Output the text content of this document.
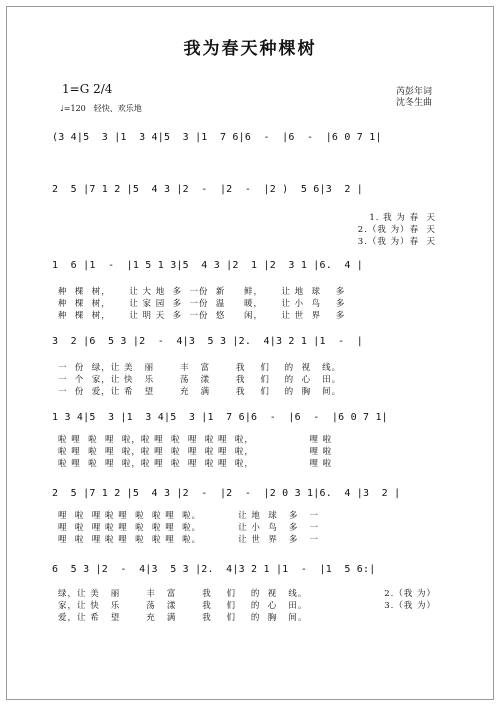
我为春天种棵树
1=G 2/4
♩=120　轻快、欢乐地
芮彭年词
沈冬生曲
(3 4|5  3 |1  3 4|5  3 |1  7 6|6  -  |6  -  |6 0 7 1|
2  5 |7 1 2 |5  4 3 |2  -  |2  -  |2 )  5 6|3  2 |
1. 我 为 春  天
2.（我 为）春  天
3.（我 为）春  天
1  6 |1  -  |1 5 1 3|5  4 3 |2  1 |2  3 1 |6.  4 |
种  棵  树，     让 大 地  多  一份  新     鲜，     让 地  球    多
种  棵  树，     让 家 园  多  一份  温     暖，     让 小  鸟    多
种  棵  树，     让 明 天  多  一份  悠     闲，     让 世  界    多
3  2 |6  5 3 |2  -  4|3  5 3 |2.  4|3 2 1 |1  -  |
一  份  绿，让 美   丽       丰   富       我    们    的  视   线。
一  个  家，让 快   乐       荡   漾       我    们    的  心   田。
一  份  爱，让 希   望       充   满       我    们    的  胸   间。
1 3 4|5  3 |1  3 4|5  3 |1  7 6|6  -  |6  -  |6 0 7 1|
啦 哩  啦  哩  啦，啦 哩  啦  哩  啦 哩  啦，               哩 啦
啦 哩  啦  哩  啦，啦 哩  啦  哩  啦 哩  啦，               哩 啦
啦 哩  啦  哩  啦，啦 哩  啦  哩  啦 哩  啦，               哩 啦
2  5 |7 1 2 |5  4 3 |2  -  |2  -  |2 0 3 1|6.  4 |3  2 |
哩  啦  哩 啦 哩  啦  啦 哩  啦。          让 地  球   多   一
哩  啦  哩 啦 哩  啦  啦 哩  啦。          让 小  鸟   多   一
哩  啦  哩 啦 哩  啦  啦 哩  啦。          让 世  界   多   一
6  5 3 |2  -  4|3  5 3 |2.  4|3 2 1 |1  -  |1  5 6:|
绿，让 美   丽       丰   富       我    们    的  视   线。
家，让 快   乐       荡   漾       我    们    的  心   田。
爱，让 希   望       充   满       我    们    的  胸   间。
2.（我 为）
3.（我 为）
